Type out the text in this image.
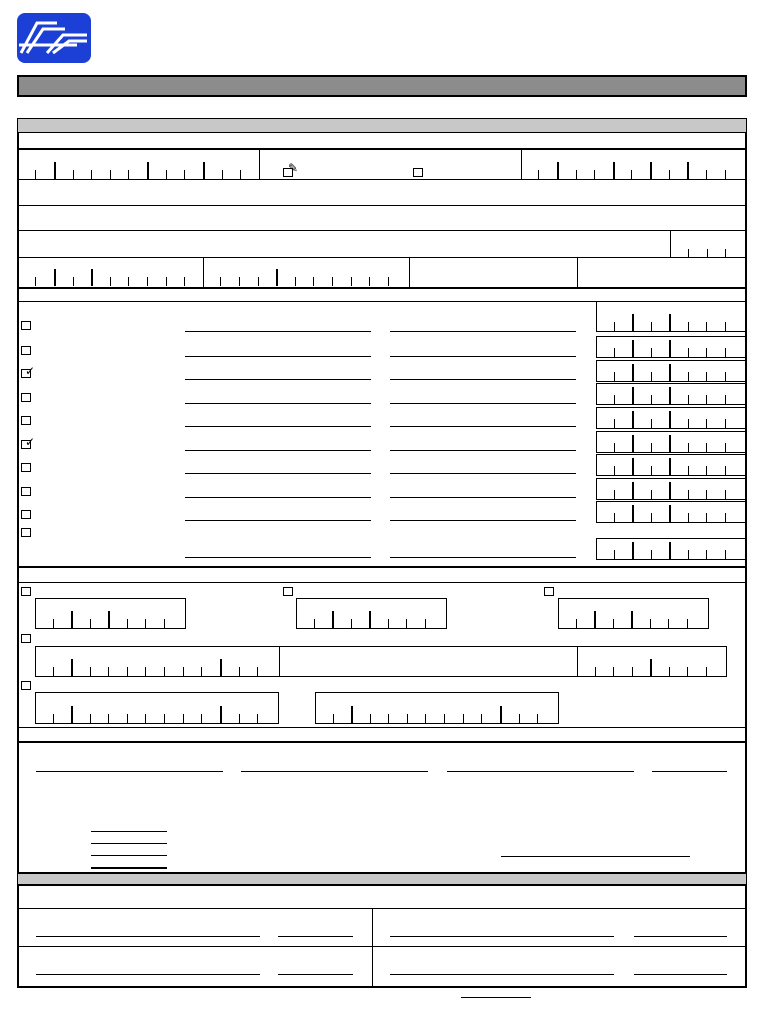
✎
✓
✓
